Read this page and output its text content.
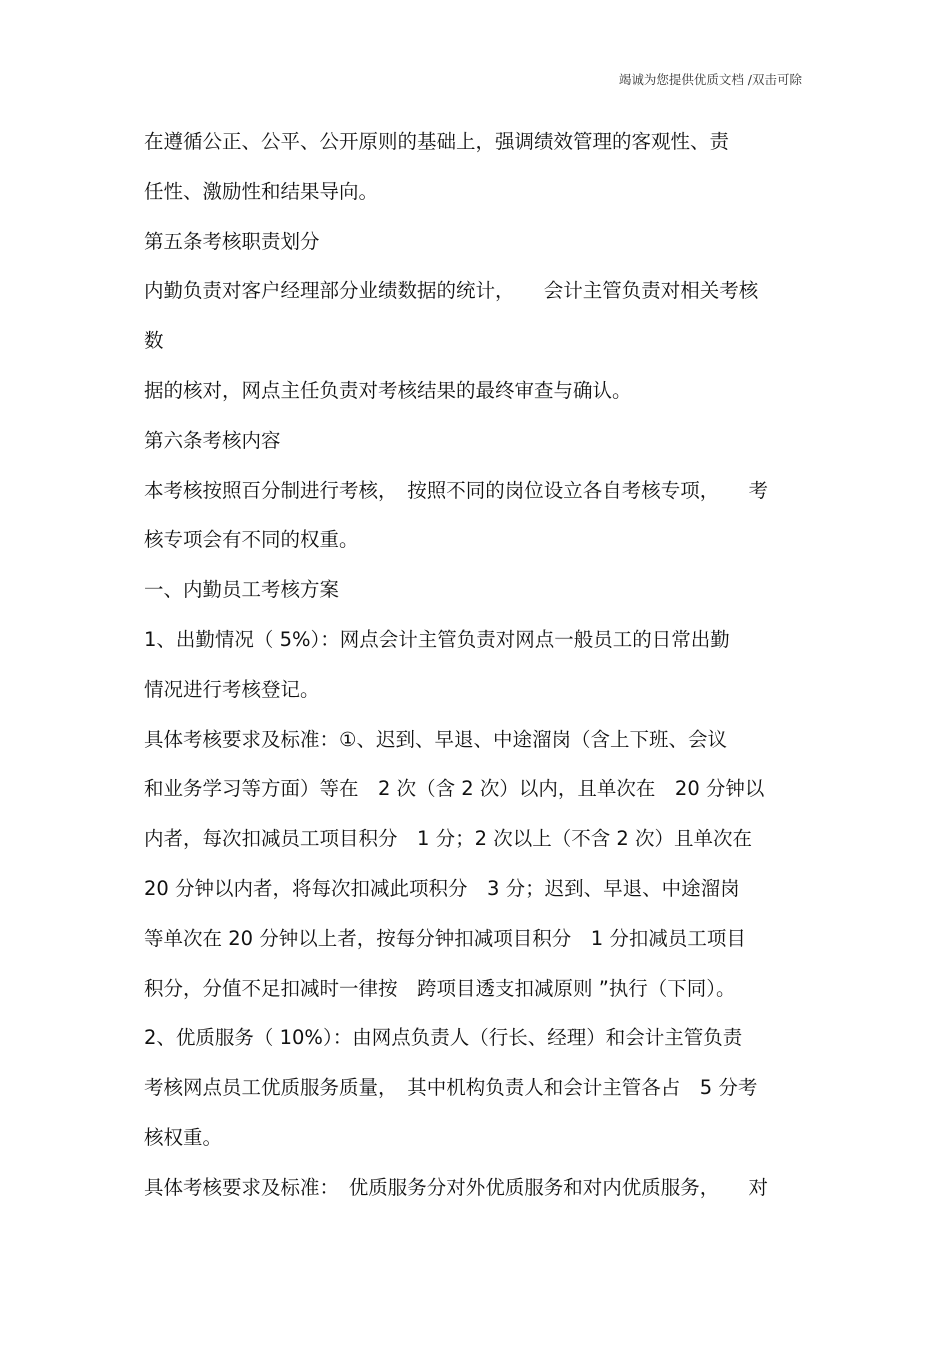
竭诚为您提供优质文档 /双击可除
在遵循公正、公平、公开原则的基础上，强调绩效管理的客观性、责
任性、激励性和结果导向。
第五条考核职责划分
内勤负责对客户经理部分业绩数据的统计，　　会计主管负责对相关考核
数
据的核对，网点主任负责对考核结果的最终审查与确认。
第六条考核内容
本考核按照百分制进行考核，　按照不同的岗位设立各自考核专项，　　考
核专项会有不同的权重。
一、内勤员工考核方案
1、出勤情况（ 5%）：网点会计主管负责对网点一般员工的日常出勤
情况进行考核登记。
具体考核要求及标准：①、迟到、早退、中途溜岗（含上下班、会议
和业务学习等方面）等在　2 次（含 2 次）以内，且单次在　20 分钟以
内者，每次扣减员工项目积分　1 分；2 次以上（不含 2 次）且单次在
20 分钟以内者，将每次扣减此项积分　3 分；迟到、早退、中途溜岗
等单次在 20 分钟以上者，按每分钟扣减项目积分　1 分扣减员工项目
积分，分值不足扣减时一律按　跨项目透支扣减原则 ”执行（下同）。
2、优质服务（ 10%）：由网点负责人（行长、经理）和会计主管负责
考核网点员工优质服务质量，　其中机构负责人和会计主管各占　5 分考
核权重。
具体考核要求及标准：　优质服务分对外优质服务和对内优质服务，　　对
